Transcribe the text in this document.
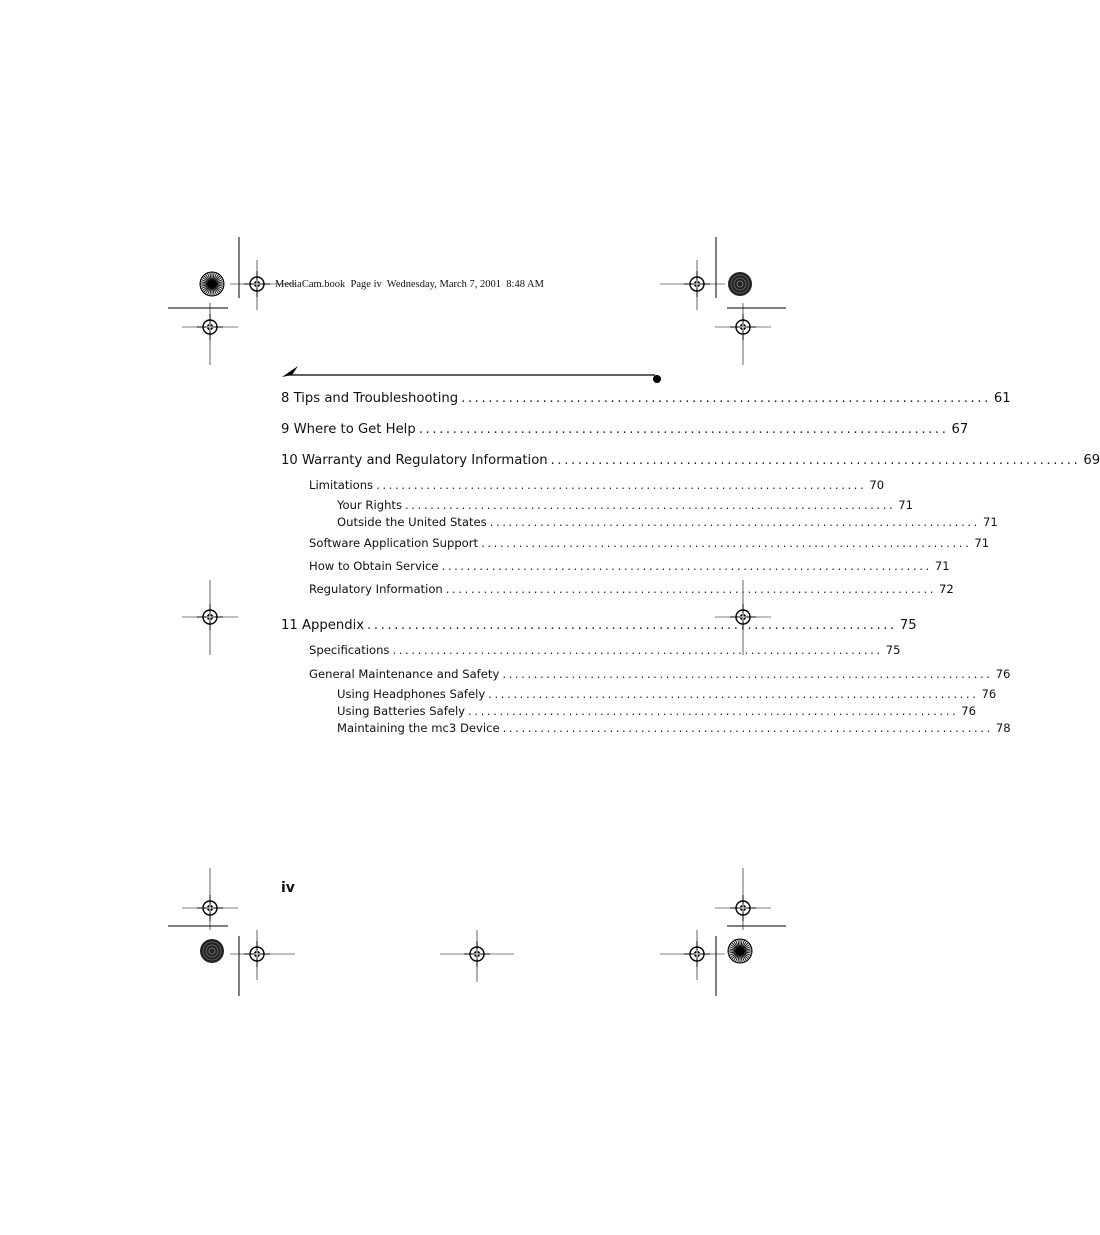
MediaCam.book  Page iv  Wednesday, March 7, 2001  8:48 AM
8 Tips and Troubleshooting .............................................................................. 61
9 Where to Get Help .............................................................................. 67
10 Warranty and Regulatory Information .............................................................................. 69
Limitations .............................................................................. 70
Your Rights .............................................................................. 71
Outside the United States .............................................................................. 71
Software Application Support .............................................................................. 71
How to Obtain Service .............................................................................. 71
Regulatory Information .............................................................................. 72
11 Appendix .............................................................................. 75
Specifications .............................................................................. 75
General Maintenance and Safety .............................................................................. 76
Using Headphones Safely .............................................................................. 76
Using Batteries Safely .............................................................................. 76
Maintaining the mc3 Device .............................................................................. 78
iv
